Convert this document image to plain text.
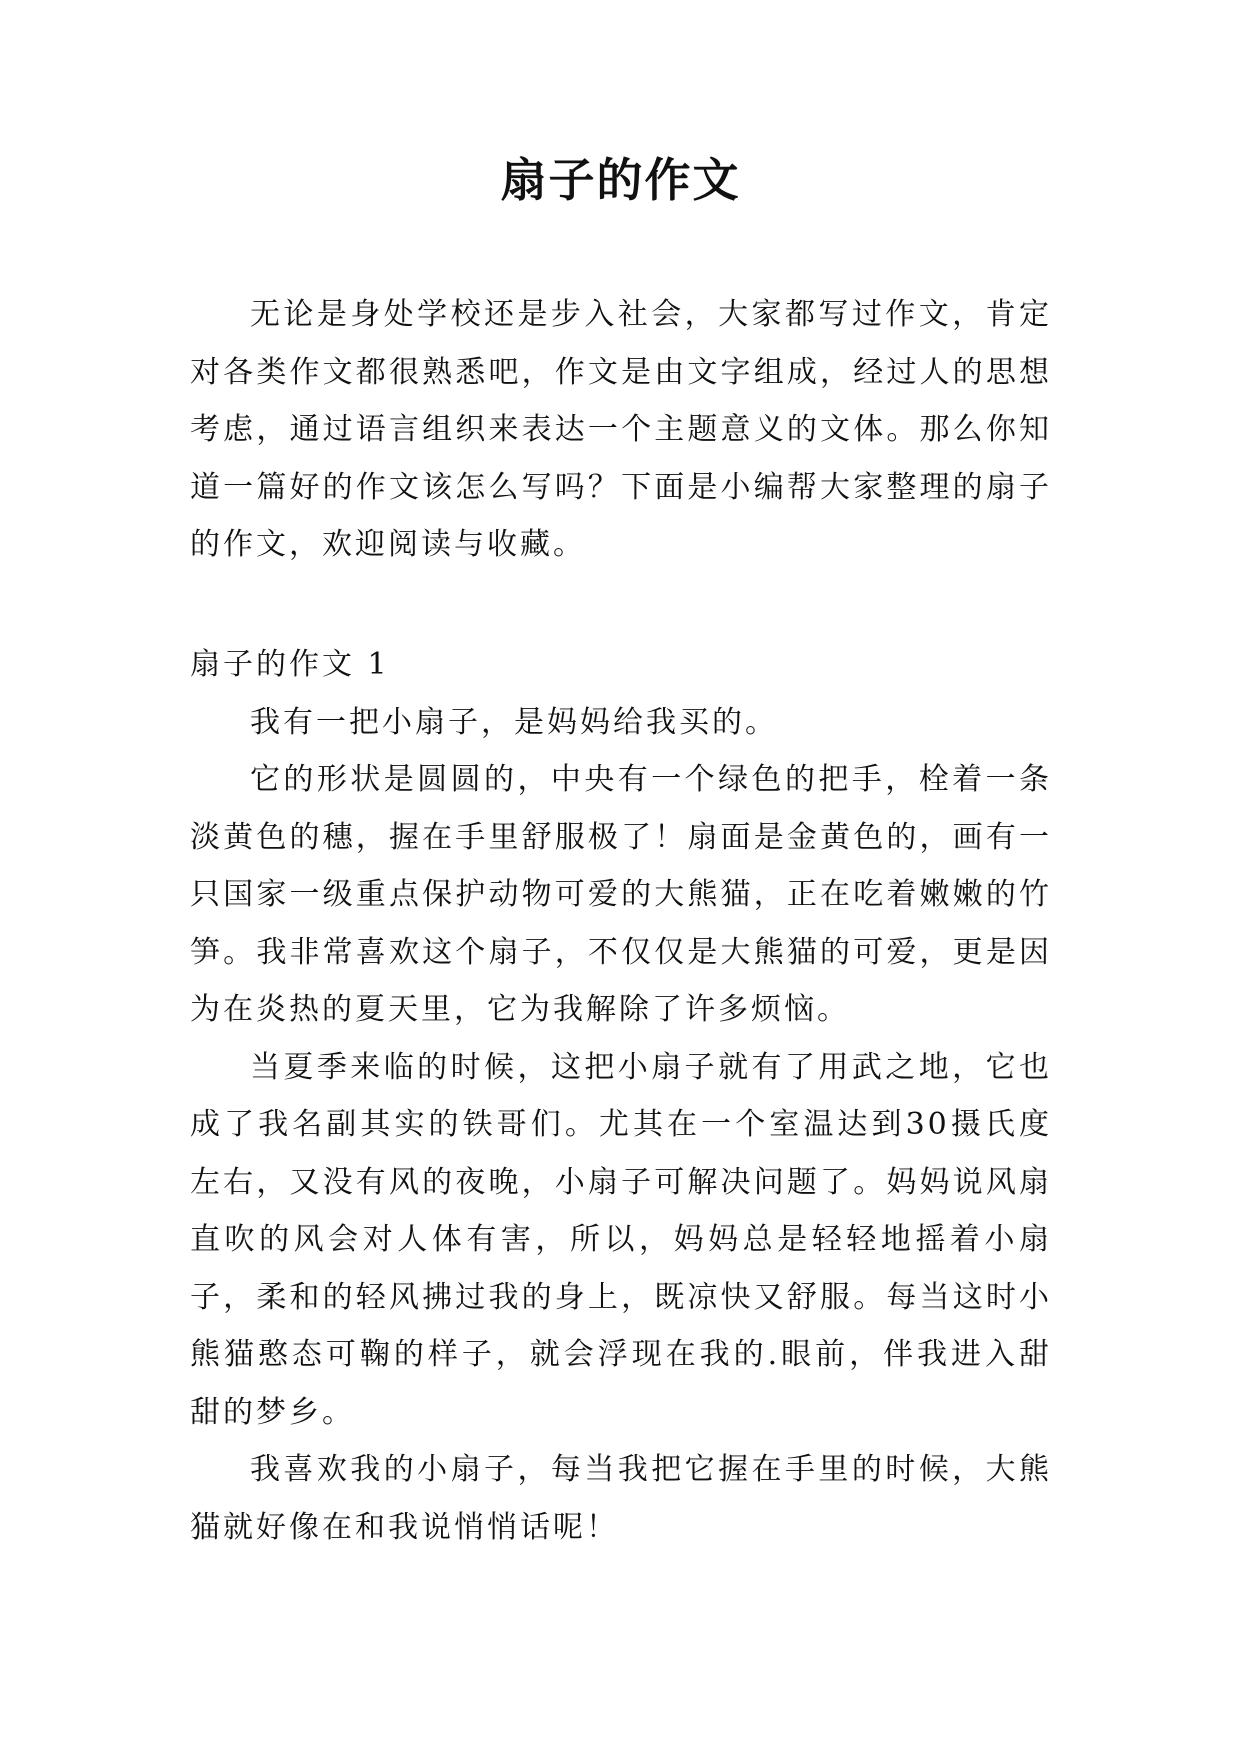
扇子的作文

无论是身处学校还是步入社会，大家都写过作文，肯定对各类作文都很熟悉吧，作文是由文字组成，经过人的思想考虑，通过语言组织来表达一个主题意义的文体。那么你知道一篇好的作文该怎么写吗？下面是小编帮大家整理的扇子的作文，欢迎阅读与收藏。

扇子的作文 1

我有一把小扇子，是妈妈给我买的。

它的形状是圆圆的，中央有一个绿色的把手，栓着一条淡黄色的穗，握在手里舒服极了！扇面是金黄色的，画有一只国家一级重点保护动物可爱的大熊猫，正在吃着嫩嫩的竹笋。我非常喜欢这个扇子，不仅仅是大熊猫的可爱，更是因为在炎热的夏天里，它为我解除了许多烦恼。

当夏季来临的时候，这把小扇子就有了用武之地，它也成了我名副其实的铁哥们。尤其在一个室温达到30摄氏度左右，又没有风的夜晚，小扇子可解决问题了。妈妈说风扇直吹的风会对人体有害，所以，妈妈总是轻轻地摇着小扇子，柔和的轻风拂过我的身上，既凉快又舒服。每当这时小熊猫憨态可鞠的样子，就会浮现在我的.眼前，伴我进入甜甜的梦乡。

我喜欢我的小扇子，每当我把它握在手里的时候，大熊猫就好像在和我说悄悄话呢！
